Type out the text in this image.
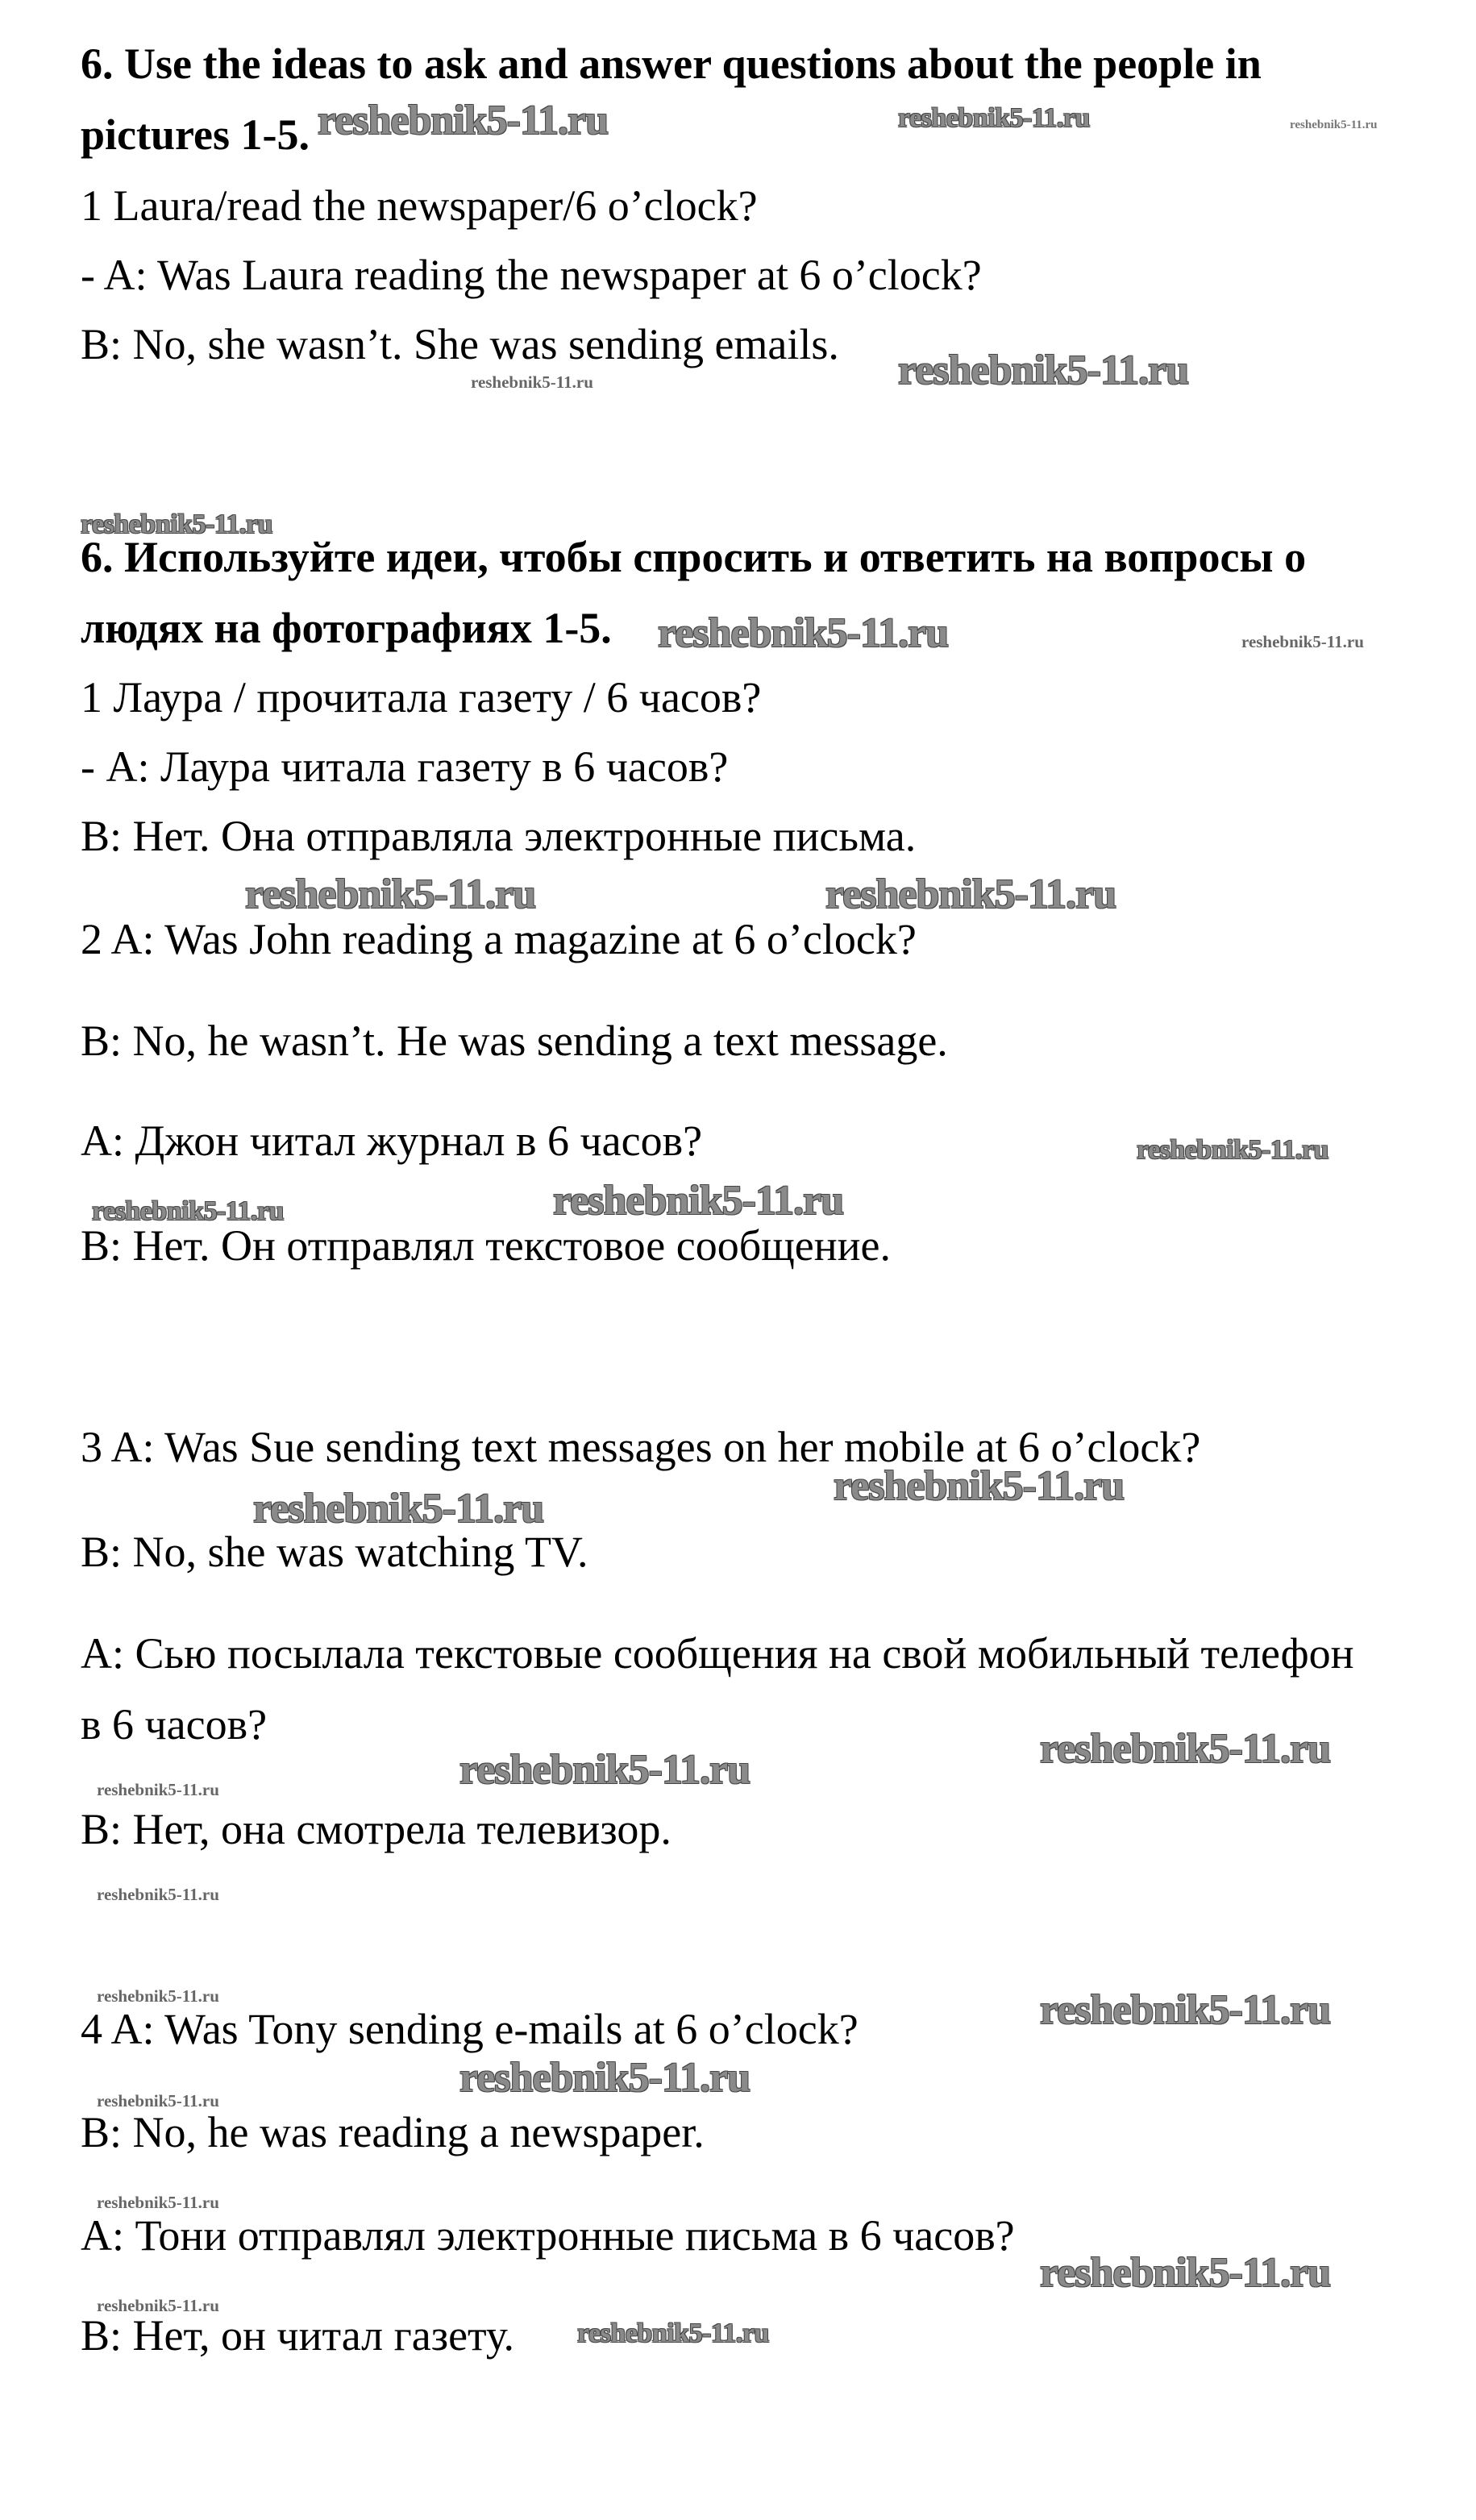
6. Use the ideas to ask and answer questions about the people in
pictures 1-5.
1 Laura/read the newspaper/6 o’clock?
- A: Was Laura reading the newspaper at 6 o’clock?
B: No, she wasn’t. She was sending emails.
6. Используйте идеи, чтобы спросить и ответить на вопросы о
людях на фотографиях 1-5.
1 Лаура / прочитала газету / 6 часов?
- А: Лаура читала газету в 6 часов?
В: Нет. Она отправляла электронные письма.
2 A: Was John reading a magazine at 6 o’clock?
B: No, he wasn’t. He was sending a text message.
А: Джон читал журнал в 6 часов?
В: Нет. Он отправлял текстовое сообщение.
3 A: Was Sue sending text messages on her mobile at 6 o’clock?
B: No, she was watching TV.
А: Сью посылала текстовые сообщения на свой мобильный телефон
в 6 часов?
В: Нет, она смотрела телевизор.
4 A: Was Tony sending e-mails at 6 o’clock?
B: No, he was reading a newspaper.
А: Тони отправлял электронные письма в 6 часов?
В: Нет, он читал газету.
reshebnik5-11.ru	reshebnik5-11.ru	reshebnik5-11.ru
reshebnik5-11.ru	reshebnik5-11.ru
reshebnik5-11.ru
reshebnik5-11.ru	reshebnik5-11.ru
reshebnik5-11.ru	reshebnik5-11.ru
reshebnik5-11.ru
reshebnik5-11.ru	reshebnik5-11.ru
reshebnik5-11.ru	reshebnik5-11.ru
reshebnik5-11.ru
reshebnik5-11.ru
reshebnik5-11.ru
reshebnik5-11.ru
reshebnik5-11.ru	reshebnik5-11.ru
reshebnik5-11.ru
reshebnik5-11.ru
reshebnik5-11.ru
reshebnik5-11.ru
reshebnik5-11.ru
reshebnik5-11.ru
